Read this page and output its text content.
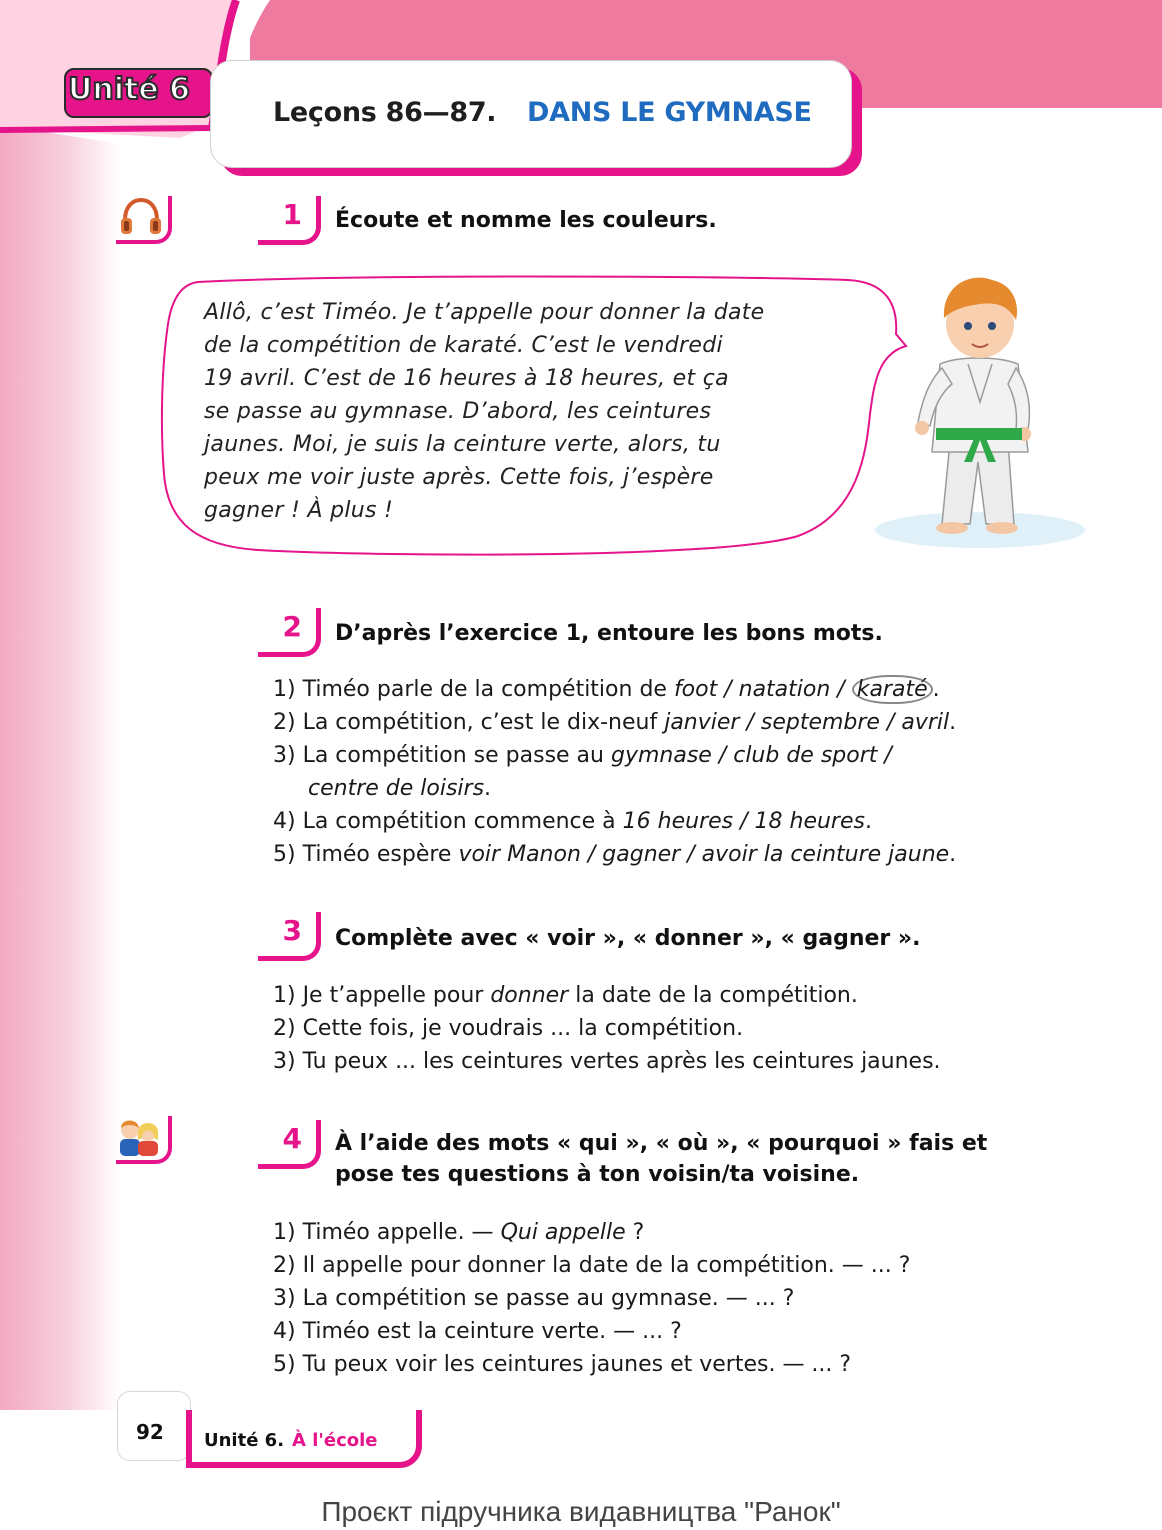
Unité 6
Leçons 86—87. DANS LE GYMNASE
1 Écoute et nomme les couleurs.
Allô, c’est Timéo. Je t’appelle pour donner la date
de la compétition de karaté. C’est le vendredi
19 avril. C’est de 16 heures à 18 heures, et ça
se passe au gymnase. D’abord, les ceintures
jaunes. Moi, je suis la ceinture verte, alors, tu
peux me voir juste après. Cette fois, j’espère
gagner ! À plus !
2 D’après l’exercice 1, entoure les bons mots.
1) Timéo parle de la compétition de foot / natation / karaté .
2) La compétition, c’est le dix-neuf janvier / septembre / avril.
3) La compétition se passe au gymnase / club de sport /
centre de loisirs.
4) La compétition commence à 16 heures / 18 heures.
5) Timéo espère voir Manon / gagner / avoir la ceinture jaune.
3 Complète avec « voir », « donner », « gagner ».
1) Je t’appelle pour donner la date de la compétition.
2) Cette fois, je voudrais ... la compétition.
3) Tu peux ... les ceintures vertes après les ceintures jaunes.
4 À l’aide des mots « qui », « où », « pourquoi » fais et
pose tes questions à ton voisin/ta voisine.
1) Timéo appelle. — Qui appelle ?
2) Il appelle pour donner la date de la compétition. — ... ?
3) La compétition se passe au gymnase. — ... ?
4) Timéo est la ceinture verte. — ... ?
5) Tu peux voir les ceintures jaunes et vertes. — ... ?
92 Unité 6. À l'école
Проєкт підручника видавництва "Ранок"
